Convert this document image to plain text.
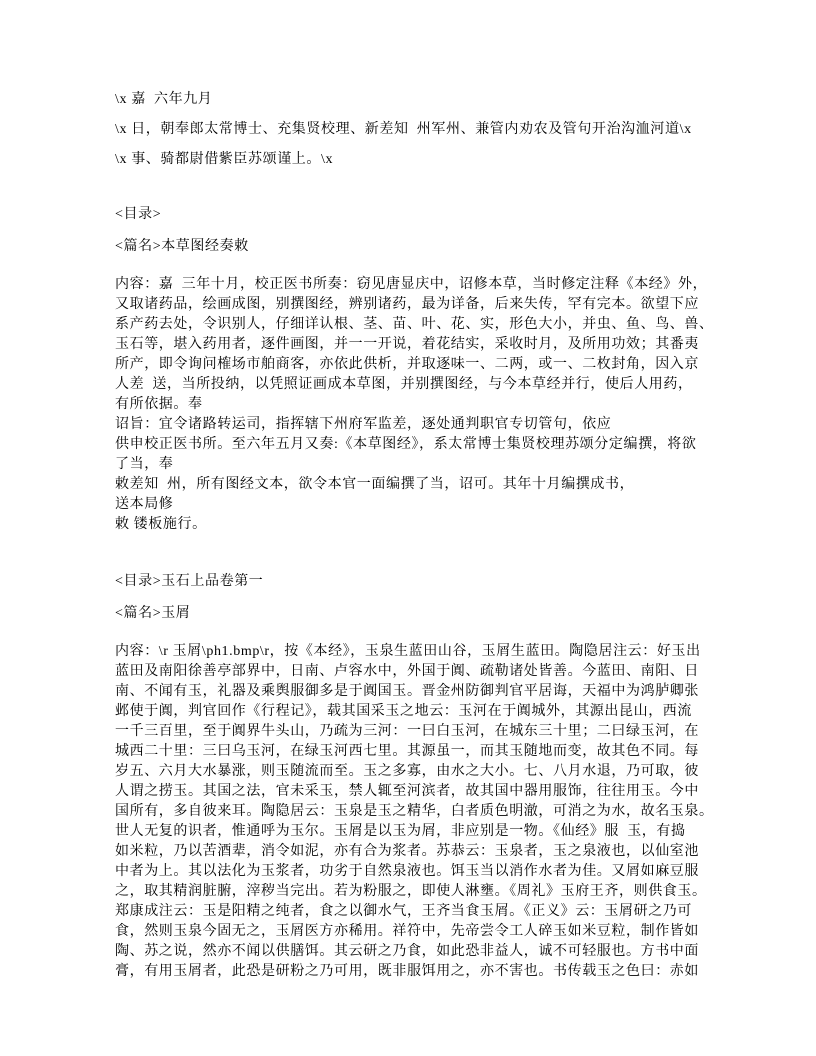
\x 嘉  六年九月
\x 日，朝奉郎太常博士、充集贤校理、新差知  州军州、兼管内劝农及管句开治沟洫河道\x
\x 事、骑都尉借紫臣苏颂谨上。\x
<目录>
<篇名>本草图经奏敕
内容：嘉  三年十月，校正医书所奏：窃见唐显庆中，诏修本草，当时修定注释《本经》外，
又取诸药品，绘画成图，别撰图经，辨别诸药，最为详备，后来失传，罕有完本。欲望下应
系产药去处，令识别人，仔细详认根、茎、苗、叶、花、实，形色大小，并虫、鱼、鸟、兽、
玉石等，堪入药用者，逐件画图，并一一开说，着花结实，采收时月，及所用功效；其番夷
所产，即令询问榷场市舶商客，亦依此供析，并取逐味一、二两，或一、二枚封角，因入京
人差  送，当所投纳，以凭照证画成本草图，并别撰图经，与今本草经并行，使后人用药，
有所依据。奉
诏旨：宜令诸路转运司，指挥辖下州府军监差，逐处通判职官专切管句，依应
供申校正医书所。至六年五月又奏:《本草图经》，系太常博士集贤校理苏颂分定编撰，将欲
了当，奉
敕差知  州，所有图经文本，欲令本官一面编撰了当，诏可。其年十月编撰成书，
送本局修
敕 镂板施行。
<目录>玉石上品卷第一
<篇名>玉屑
内容：\r 玉屑\ph1.bmp\r，按《本经》，玉泉生蓝田山谷，玉屑生蓝田。陶隐居注云：好玉出
蓝田及南阳徐善亭部界中，日南、卢容水中，外国于阗、疏勒诸处皆善。今蓝田、南阳、日
南、不闻有玉，礼器及乘舆服御多是于阗国玉。晋金州防御判官平居诲，天福中为鸿胪卿张
邺使于阗，判官回作《行程记》，载其国采玉之地云：玉河在于阗城外，其源出昆山，西流
一千三百里，至于阗界牛头山，乃疏为三河：一曰白玉河，在城东三十里；二曰绿玉河，在
城西二十里：三曰乌玉河，在绿玉河西七里。其源虽一，而其玉随地而变，故其色不同。每
岁五、六月大水暴涨，则玉随流而至。玉之多寡，由水之大小。七、八月水退，乃可取，彼
人谓之捞玉。其国之法，官未采玉，禁人辄至河滨者，故其国中器用服饰，往往用玉。今中
国所有，多自彼来耳。陶隐居云：玉泉是玉之精华，白者质色明澈，可消之为水，故名玉泉。
世人无复的识者，惟通呼为玉尔。玉屑是以玉为屑，非应别是一物。《仙经》服  玉，有捣
如米粒，乃以苦酒辈，消令如泥，亦有合为浆者。苏恭云：玉泉者，玉之泉液也，以仙室池
中者为上。其以法化为玉浆者，功劣于自然泉液也。饵玉当以消作水者为佳。又屑如麻豆服
之，取其精润脏腑，滓秽当完出。若为粉服之，即使人淋壅。《周礼》玉府王齐，则供食玉。
郑康成注云：玉是阳精之纯者，食之以御水气，王齐当食玉屑。《正义》云：玉屑研之乃可
食，然则玉泉今固无之，玉屑医方亦稀用。祥符中，先帝尝令工人碎玉如米豆粒，制作皆如
陶、苏之说，然亦不闻以供膳饵。其云研之乃食，如此恐非益人，诚不可轻服也。方书中面
膏，有用玉屑者，此恐是研粉之乃可用，既非服饵用之，亦不害也。书传载玉之色曰：赤如
